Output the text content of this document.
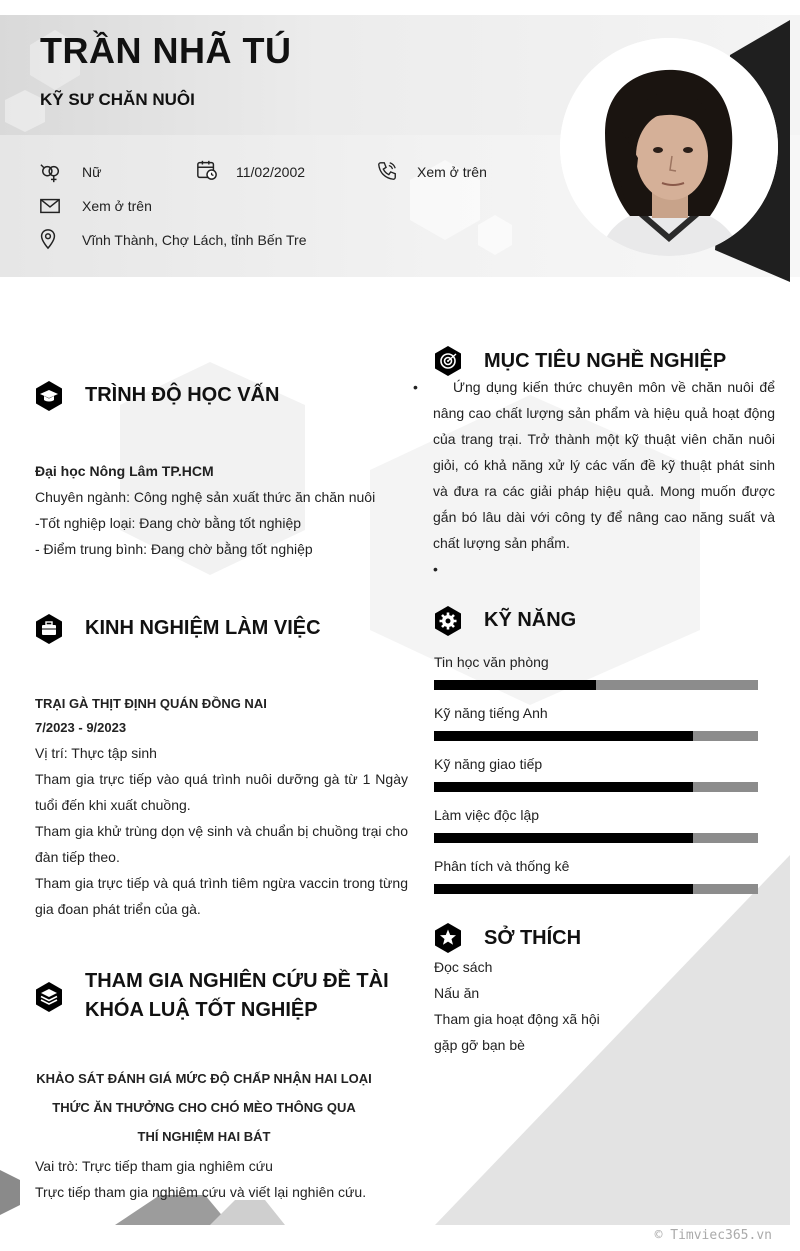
TRẦN NHÃ TÚ
KỸ SƯ CHĂN NUÔI
Nữ	11/02/2002	Xem ở trên
Xem ở trên
Vĩnh Thành, Chợ Lách, tỉnh Bến Tre
TRÌNH ĐỘ HỌC VẤN
Đại học Nông Lâm TP.HCM
Chuyên ngành: Công nghệ sản xuất thức ăn chăn nuôi
-Tốt nghiệp loại: Đang chờ bằng tốt nghiệp
- Điểm trung bình: Đang chờ bằng tốt nghiệp
KINH NGHIỆM LÀM VIỆC
TRẠI GÀ THỊT ĐỊNH QUÁN ĐỒNG NAI
7/2023 - 9/2023
Vị trí: Thực tập sinh
Tham gia trực tiếp vào quá trình nuôi dưỡng gà từ 1 Ngày tuổi đến khi xuất chuồng.
Tham gia khử trùng dọn vệ sinh và chuẩn bị chuồng trại cho đàn tiếp theo.
Tham gia trực tiếp và quá trình tiêm ngừa vaccin trong từng gia đoan phát triển của gà.
THAM GIA NGHIÊN CỨU ĐỀ TÀI
KHÓA LUẬ TỐT NGHIỆP
KHẢO SÁT ĐÁNH GIÁ MỨC ĐỘ CHẤP NHẬN HAI LOẠI
THỨC ĂN THƯỞNG CHO CHÓ MÈO THÔNG QUA
THÍ NGHIỆM HAI BÁT
Vai trò: Trực tiếp tham gia nghiêm cứu
Trực tiếp tham gia nghiêm cứu và viết lại nghiên cứu.
MỤC TIÊU NGHỀ NGHIỆP
•	Ứng dụng kiến thức chuyên môn về chăn nuôi để nâng cao chất lượng sản phẩm và hiệu quả hoạt động của trang trại. Trở thành một kỹ thuật viên chăn nuôi giỏi, có khả năng xử lý các vấn đề kỹ thuật phát sinh và đưa ra các giải pháp hiệu quả. Mong muốn được gắn bó lâu dài với công ty để nâng cao năng suất và chất lượng sản phẩm.
•
KỸ NĂNG
Tin học văn phòng
Kỹ năng tiếng Anh
Kỹ năng giao tiếp
Làm việc độc lập
Phân tích và thống kê
SỞ THÍCH
Đọc sách
Nấu ăn
Tham gia hoạt động xã hội
gặp gỡ bạn bè
© Timviec365.vn
